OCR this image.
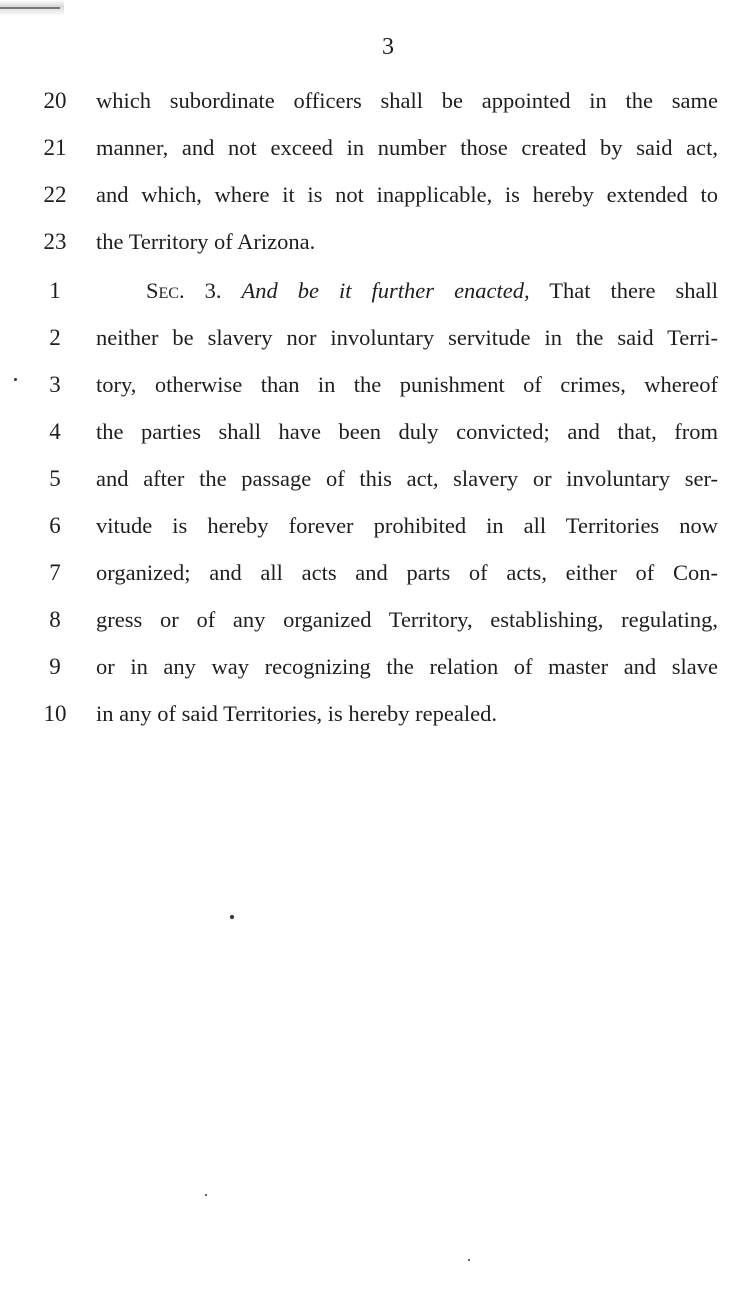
3
20	which subordinate officers shall be appointed in the same
21	manner, and not exceed in number those created by said act,
22	and which, where it is not inapplicable, is hereby extended to
23	the Territory of Arizona.
1	Sec. 3. And be it further enacted, That there shall
2	neither be slavery nor involuntary servitude in the said Terri-
3	tory, otherwise than in the punishment of crimes, whereof
4	the parties shall have been duly convicted; and that, from
5	and after the passage of this act, slavery or involuntary ser-
6	vitude is hereby forever prohibited in all Territories now
7	organized; and all acts and parts of acts, either of Con-
8	gress or of any organized Territory, establishing, regulating,
9	or in any way recognizing the relation of master and slave
10	in any of said Territories, is hereby repealed.
